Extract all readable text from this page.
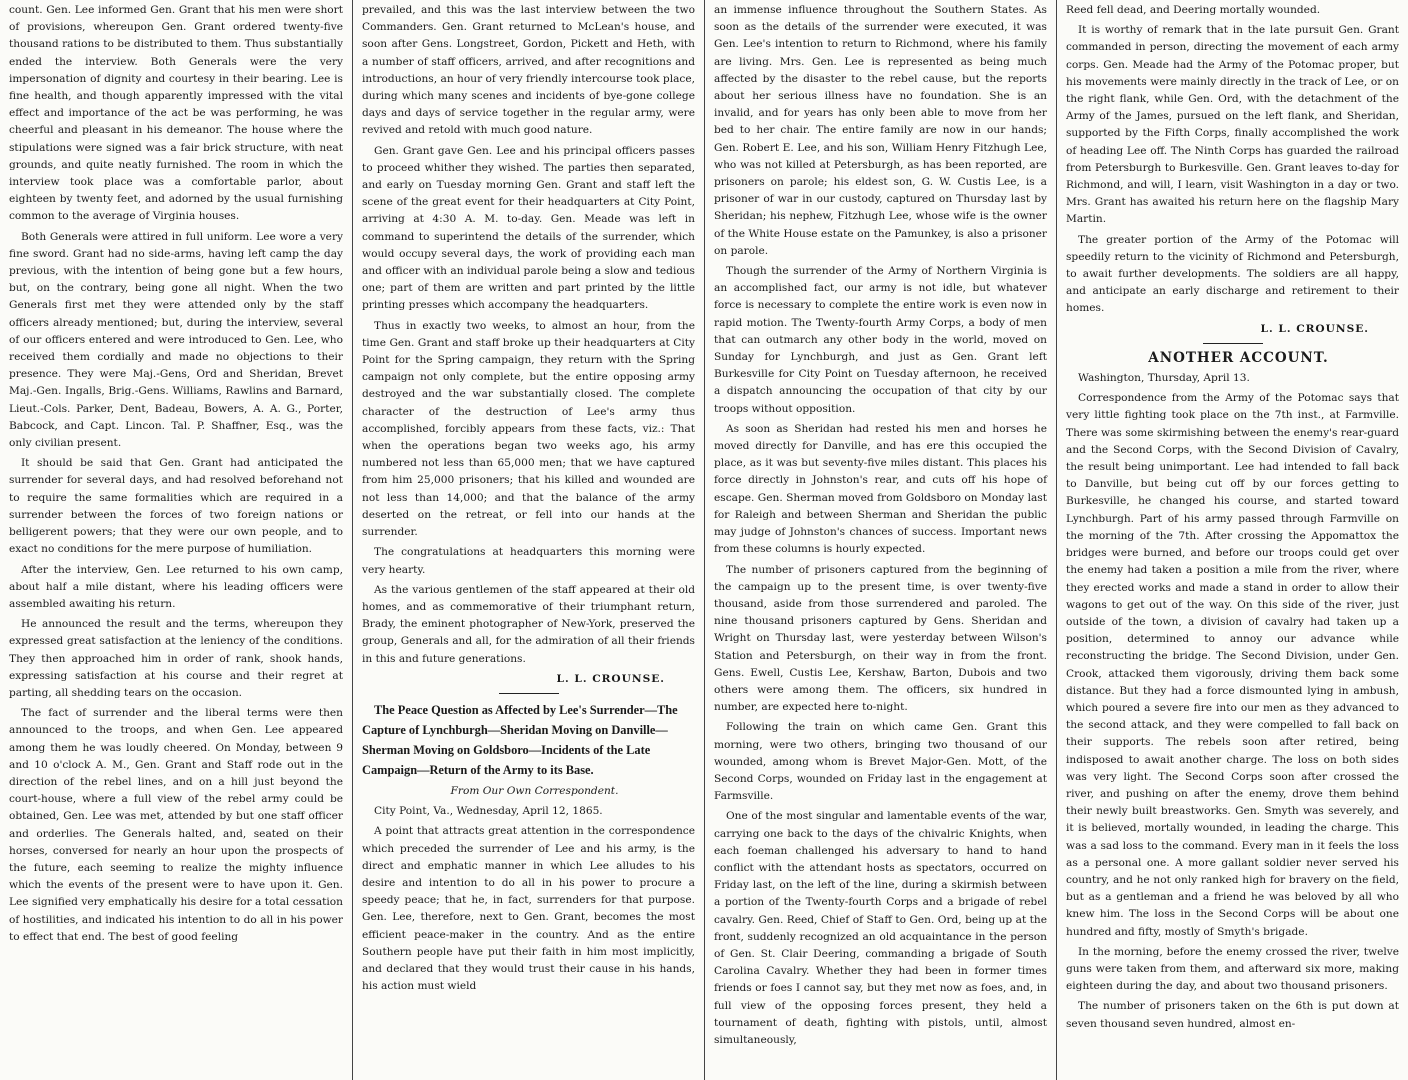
count. Gen. Lee informed Gen. Grant that his men were short of provisions, whereupon Gen. Grant ordered twenty-five thousand rations to be distributed to them. Thus substantially ended the interview. Both Generals were the very impersonation of dignity and courtesy in their bearing. Lee is fine health, and though apparently impressed with the vital effect and importance of the act be was performing, he was cheerful and pleasant in his demeanor. The house where the stipulations were signed was a fair brick structure, with neat grounds, and quite neatly furnished. The room in which the interview took place was a comfortable parlor, about eighteen by twenty feet, and adorned by the usual furnishing common to the average of Virginia houses.

Both Generals were attired in full uniform. Lee wore a very fine sword. Grant had no side-arms, having left camp the day previous, with the intention of being gone but a few hours, but, on the contrary, being gone all night. When the two Generals first met they were attended only by the staff officers already mentioned; but, during the interview, several of our officers entered and were introduced to Gen. Lee, who received them cordially and made no objections to their presence. They were Maj.-Gens, Ord and Sheridan, Brevet Maj.-Gen. Ingalls, Brig.-Gens. Williams, Rawlins and Barnard, Lieut.-Cols. Parker, Dent, Badeau, Bowers, A. A. G., Porter, Babcock, and Capt. Lincon. Tal. P. Shaffner, Esq., was the only civilian present.

It should be said that Gen. Grant had anticipated the surrender for several days, and had resolved beforehand not to require the same formalities which are required in a surrender between the forces of two foreign nations or belligerent powers; that they were our own people, and to exact no conditions for the mere purpose of humiliation.

After the interview, Gen. Lee returned to his own camp, about half a mile distant, where his leading officers were assembled awaiting his return.

He announced the result and the terms, whereupon they expressed great satisfaction at the leniency of the conditions. They then approached him in order of rank, shook hands, expressing satisfaction at his course and their regret at parting, all shedding tears on the occasion.

The fact of surrender and the liberal terms were then announced to the troops, and when Gen. Lee appeared among them he was loudly cheered. On Monday, between 9 and 10 o'clock A. M., Gen. Grant and Staff rode out in the direction of the rebel lines, and on a hill just beyond the court-house, where a full view of the rebel army could be obtained, Gen. Lee was met, attended by but one staff officer and orderlies. The Generals halted, and, seated on their horses, conversed for nearly an hour upon the prospects of the future, each seeming to realize the mighty influence which the events of the present were to have upon it. Gen. Lee signified very emphatically his desire for a total cessation of hostilities, and indicated his intention to do all in his power to effect that end. The best of good feeling

prevailed, and this was the last interview between the two Commanders. Gen. Grant returned to McLean's house, and soon after Gens. Longstreet, Gordon, Pickett and Heth, with a number of staff officers, arrived, and after recognitions and introductions, an hour of very friendly intercourse took place, during which many scenes and incidents of bye-gone college days and days of service together in the regular army, were revived and retold with much good nature.

Gen. Grant gave Gen. Lee and his principal officers passes to proceed whither they wished. The parties then separated, and early on Tuesday morning Gen. Grant and staff left the scene of the great event for their headquarters at City Point, arriving at 4:30 A. M. to-day. Gen. Meade was left in command to superintend the details of the surrender, which would occupy several days, the work of providing each man and officer with an individual parole being a slow and tedious one; part of them are written and part printed by the little printing presses which accompany the headquarters.

Thus in exactly two weeks, to almost an hour, from the time Gen. Grant and staff broke up their headquarters at City Point for the Spring campaign, they return with the Spring campaign not only complete, but the entire opposing army destroyed and the war substantially closed. The complete character of the destruction of Lee's army thus accomplished, forcibly appears from these facts, viz.: That when the operations began two weeks ago, his army numbered not less than 65,000 men; that we have captured from him 25,000 prisoners; that his killed and wounded are not less than 14,000; and that the balance of the army deserted on the retreat, or fell into our hands at the surrender.

The congratulations at headquarters this morning were very hearty.

As the various gentlemen of the staff appeared at their old homes, and as commemorative of their triumphant return, Brady, the eminent photographer of New-York, preserved the group, Generals and all, for the admiration of all their friends in this and future generations.

L. L. CROUNSE.

The Peace Question as Affected by Lee's Surrender—The Capture of Lynchburgh—Sheridan Moving on Danville—Sherman Moving on Goldsboro—Incidents of the Late Campaign—Return of the Army to its Base.

From Our Own Correspondent.

City Point, Va., Wednesday, April 12, 1865.

A point that attracts great attention in the correspondence which preceded the surrender of Lee and his army, is the direct and emphatic manner in which Lee alludes to his desire and intention to do all in his power to procure a speedy peace; that he, in fact, surrenders for that purpose. Gen. Lee, therefore, next to Gen. Grant, becomes the most efficient peace-maker in the country. And as the entire Southern people have put their faith in him most implicitly, and declared that they would trust their cause in his hands, his action must wield

an immense influence throughout the Southern States. As soon as the details of the surrender were executed, it was Gen. Lee's intention to return to Richmond, where his family are living. Mrs. Gen. Lee is represented as being much affected by the disaster to the rebel cause, but the reports about her serious illness have no foundation. She is an invalid, and for years has only been able to move from her bed to her chair. The entire family are now in our hands; Gen. Robert E. Lee, and his son, William Henry Fitzhugh Lee, who was not killed at Petersburgh, as has been reported, are prisoners on parole; his eldest son, G. W. Custis Lee, is a prisoner of war in our custody, captured on Thursday last by Sheridan; his nephew, Fitzhugh Lee, whose wife is the owner of the White House estate on the Pamunkey, is also a prisoner on parole.

Though the surrender of the Army of Northern Virginia is an accomplished fact, our army is not idle, but whatever force is necessary to complete the entire work is even now in rapid motion. The Twenty-fourth Army Corps, a body of men that can outmarch any other body in the world, moved on Sunday for Lynchburgh, and just as Gen. Grant left Burkesville for City Point on Tuesday afternoon, he received a dispatch announcing the occupation of that city by our troops without opposition.

As soon as Sheridan had rested his men and horses he moved directly for Danville, and has ere this occupied the place, as it was but seventy-five miles distant. This places his force directly in Johnston's rear, and cuts off his hope of escape. Gen. Sherman moved from Goldsboro on Monday last for Raleigh and between Sherman and Sheridan the public may judge of Johnston's chances of success. Important news from these columns is hourly expected.

The number of prisoners captured from the beginning of the campaign up to the present time, is over twenty-five thousand, aside from those surrendered and paroled. The nine thousand prisoners captured by Gens. Sheridan and Wright on Thursday last, were yesterday between Wilson's Station and Petersburgh, on their way in from the front. Gens. Ewell, Custis Lee, Kershaw, Barton, Dubois and two others were among them. The officers, six hundred in number, are expected here to-night.

Following the train on which came Gen. Grant this morning, were two others, bringing two thousand of our wounded, among whom is Brevet Major-Gen. Mott, of the Second Corps, wounded on Friday last in the engagement at Farmsville.

One of the most singular and lamentable events of the war, carrying one back to the days of the chivalric Knights, when each foeman challenged his adversary to hand to hand conflict with the attendant hosts as spectators, occurred on Friday last, on the left of the line, during a skirmish between a portion of the Twenty-fourth Corps and a brigade of rebel cavalry. Gen. Reed, Chief of Staff to Gen. Ord, being up at the front, suddenly recognized an old acquaintance in the person of Gen. St. Clair Deering, commanding a brigade of South Carolina Cavalry. Whether they had been in former times friends or foes I cannot say, but they met now as foes, and, in full view of the opposing forces present, they held a tournament of death, fighting with pistols, until, almost simultaneously,

Reed fell dead, and Deering mortally wounded.

It is worthy of remark that in the late pursuit Gen. Grant commanded in person, directing the movement of each army corps. Gen. Meade had the Army of the Potomac proper, but his movements were mainly directly in the track of Lee, or on the right flank, while Gen. Ord, with the detachment of the Army of the James, pursued on the left flank, and Sheridan, supported by the Fifth Corps, finally accomplished the work of heading Lee off. The Ninth Corps has guarded the railroad from Petersburgh to Burkesville. Gen. Grant leaves to-day for Richmond, and will, I learn, visit Washington in a day or two. Mrs. Grant has awaited his return here on the flagship Mary Martin.

The greater portion of the Army of the Potomac will speedily return to the vicinity of Richmond and Petersburgh, to await further developments. The soldiers are all happy, and anticipate an early discharge and retirement to their homes.

L. L. CROUNSE.

ANOTHER ACCOUNT.

Washington, Thursday, April 13.

Correspondence from the Army of the Potomac says that very little fighting took place on the 7th inst., at Farmville. There was some skirmishing between the enemy's rear-guard and the Second Corps, with the Second Division of Cavalry, the result being unimportant. Lee had intended to fall back to Danville, but being cut off by our forces getting to Burkesville, he changed his course, and started toward Lynchburgh. Part of his army passed through Farmville on the morning of the 7th. After crossing the Appomattox the bridges were burned, and before our troops could get over the enemy had taken a position a mile from the river, where they erected works and made a stand in order to allow their wagons to get out of the way. On this side of the river, just outside of the town, a division of cavalry had taken up a position, determined to annoy our advance while reconstructing the bridge. The Second Division, under Gen. Crook, attacked them vigorously, driving them back some distance. But they had a force dismounted lying in ambush, which poured a severe fire into our men as they advanced to the second attack, and they were compelled to fall back on their supports. The rebels soon after retired, being indisposed to await another charge. The loss on both sides was very light. The Second Corps soon after crossed the river, and pushing on after the enemy, drove them behind their newly built breastworks. Gen. Smyth was severely, and it is believed, mortally wounded, in leading the charge. This was a sad loss to the command. Every man in it feels the loss as a personal one. A more gallant soldier never served his country, and he not only ranked high for bravery on the field, but as a gentleman and a friend he was beloved by all who knew him. The loss in the Second Corps will be about one hundred and fifty, mostly of Smyth's brigade.

In the morning, before the enemy crossed the river, twelve guns were taken from them, and afterward six more, making eighteen during the day, and about two thousand prisoners.

The number of prisoners taken on the 6th is put down at seven thousand seven hundred, almost en-
